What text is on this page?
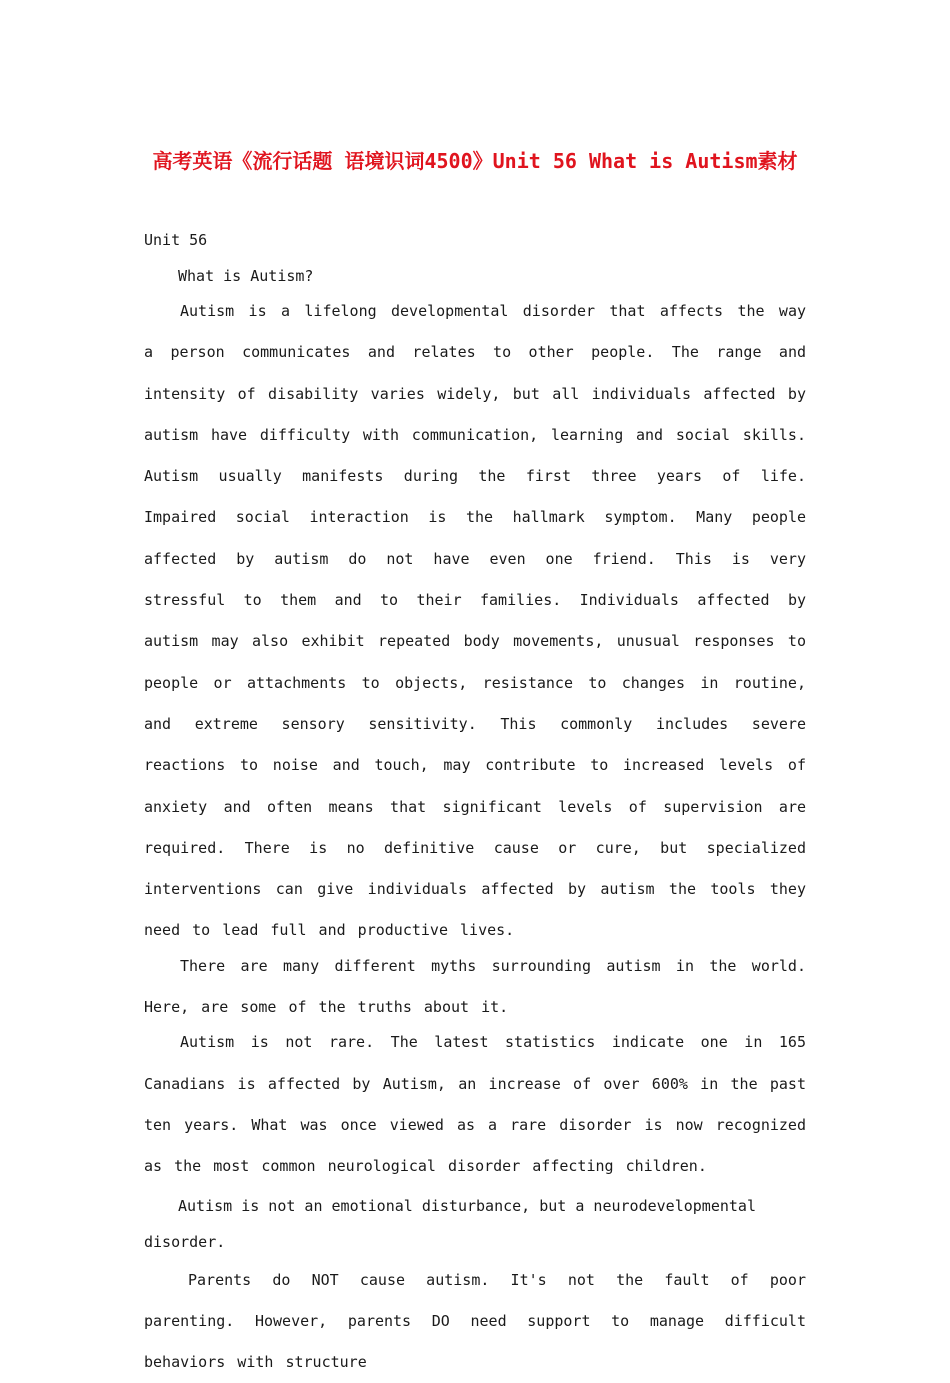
高考英语《流行话题 语境识词4500》Unit 56 What is Autism素材

Unit 56

What is Autism?

Autism is a lifelong developmental disorder that affects the way a person communicates and relates to other people. The range and intensity of disability varies widely, but all individuals affected by autism have difficulty with communication, learning and social skills. Autism usually manifests during the first three years of life. Impaired social interaction is the hallmark symptom. Many people affected by autism do not have even one friend. This is very stressful to them and to their families. Individuals affected by autism may also exhibit repeated body movements, unusual responses to people or attachments to objects, resistance to changes in routine, and extreme sensory sensitivity. This commonly includes severe reactions to noise and touch, may contribute to increased levels of anxiety and often means that significant levels of supervision are required. There is no definitive cause or cure, but specialized interventions can give individuals affected by autism the tools they need to lead full and productive lives.

There are many different myths surrounding autism in the world. Here, are some of the truths about it.

Autism is not rare. The latest statistics indicate one in 165 Canadians is affected by Autism, an increase of over 600% in the past ten years. What was once viewed as a rare disorder is now recognized as the most common neurological disorder affecting children.

Autism is not an emotional disturbance, but a neurodevelopmental disorder.

Parents do NOT cause autism. It's not the fault of poor parenting. However, parents DO need support to manage difficult behaviors with structure
